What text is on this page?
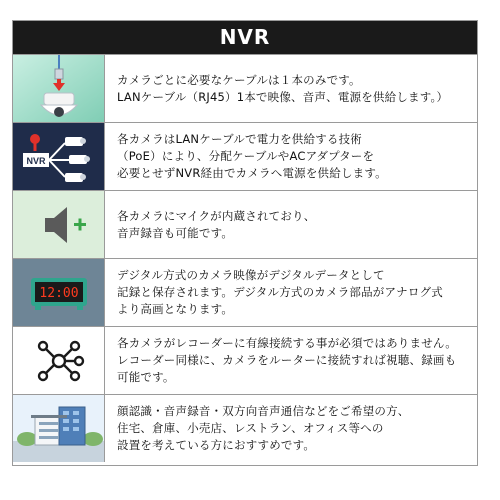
NVR

カメラごとに必要なケーブルは１本のみです。
LANケーブル（RJ45）1本で映像、音声、電源を供給します。）

NVR

各カメラはLANケーブルで電力を供給する技術
（PoE）により、分配ケーブルやACアダプターを
必要とせずNVR経由でカメラへ電源を供給します。

各カメラにマイクが内蔵されており、
音声録音も可能です。

12:00

デジタル方式のカメラ映像がデジタルデータとして
記録と保存されます。デジタル方式のカメラ部品がアナログ式
より高画となります。

各カメラがレコーダーに有線接続する事が必須ではありません。
レコーダー同様に、カメラをルーターに接続すれば視聴、録画も
可能です。

顔認識・音声録音・双方向音声通信などをご希望の方、
住宅、倉庫、小売店、レストラン、オフィス等への
設置を考えている方におすすめです。
